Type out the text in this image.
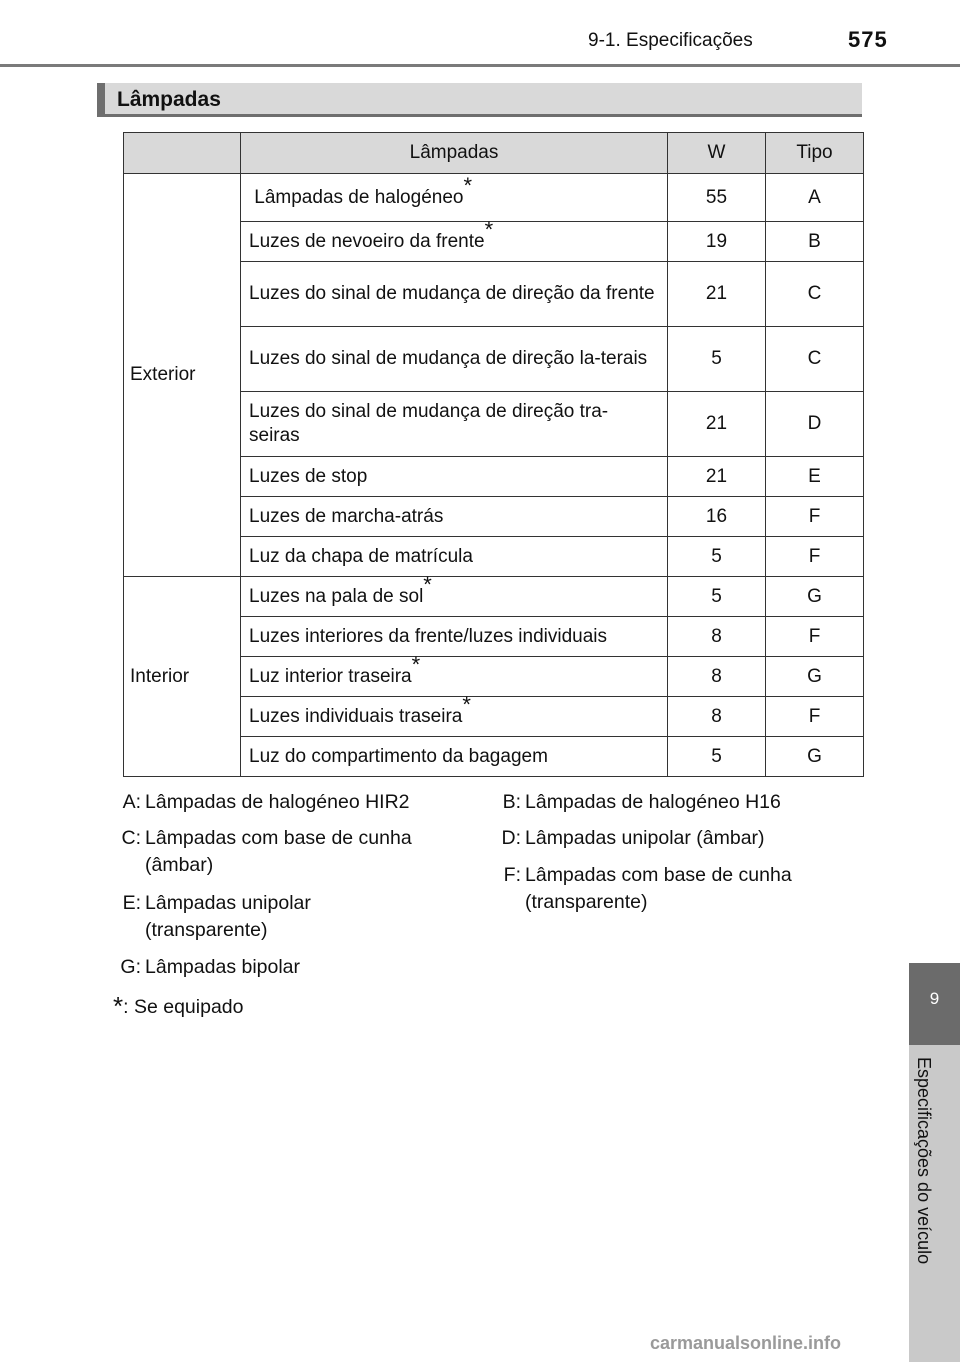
9-1. Especificações	575
Lâmpadas
	Lâmpadas	W	Tipo
Exterior	Lâmpadas de halogéneo*	55	A
	Luzes de nevoeiro da frente*	19	B
	Luzes do sinal de mudança de direção da frente	21	C
	Luzes do sinal de mudança de direção la-terais	5	C
	Luzes do sinal de mudança de direção tra-seiras	21	D
	Luzes de stop	21	E
	Luzes de marcha-atrás	16	F
	Luz da chapa de matrícula	5	F
Interior	Luzes na pala de sol*	5	G
	Luzes interiores da frente/luzes individuais	8	F
	Luz interior traseira*	8	G
	Luzes individuais traseira*	8	F
	Luz do compartimento da bagagem	5	G
A: Lâmpadas de halogéneo HIR2
C: Lâmpadas com base de cunha
(âmbar)
E: Lâmpadas unipolar
(transparente)
G: Lâmpadas bipolar
B: Lâmpadas de halogéneo H16
D: Lâmpadas unipolar (âmbar)
F: Lâmpadas com base de cunha
(transparente)
*: Se equipado	9
Especificações do veículo
carmanualsonline.info
